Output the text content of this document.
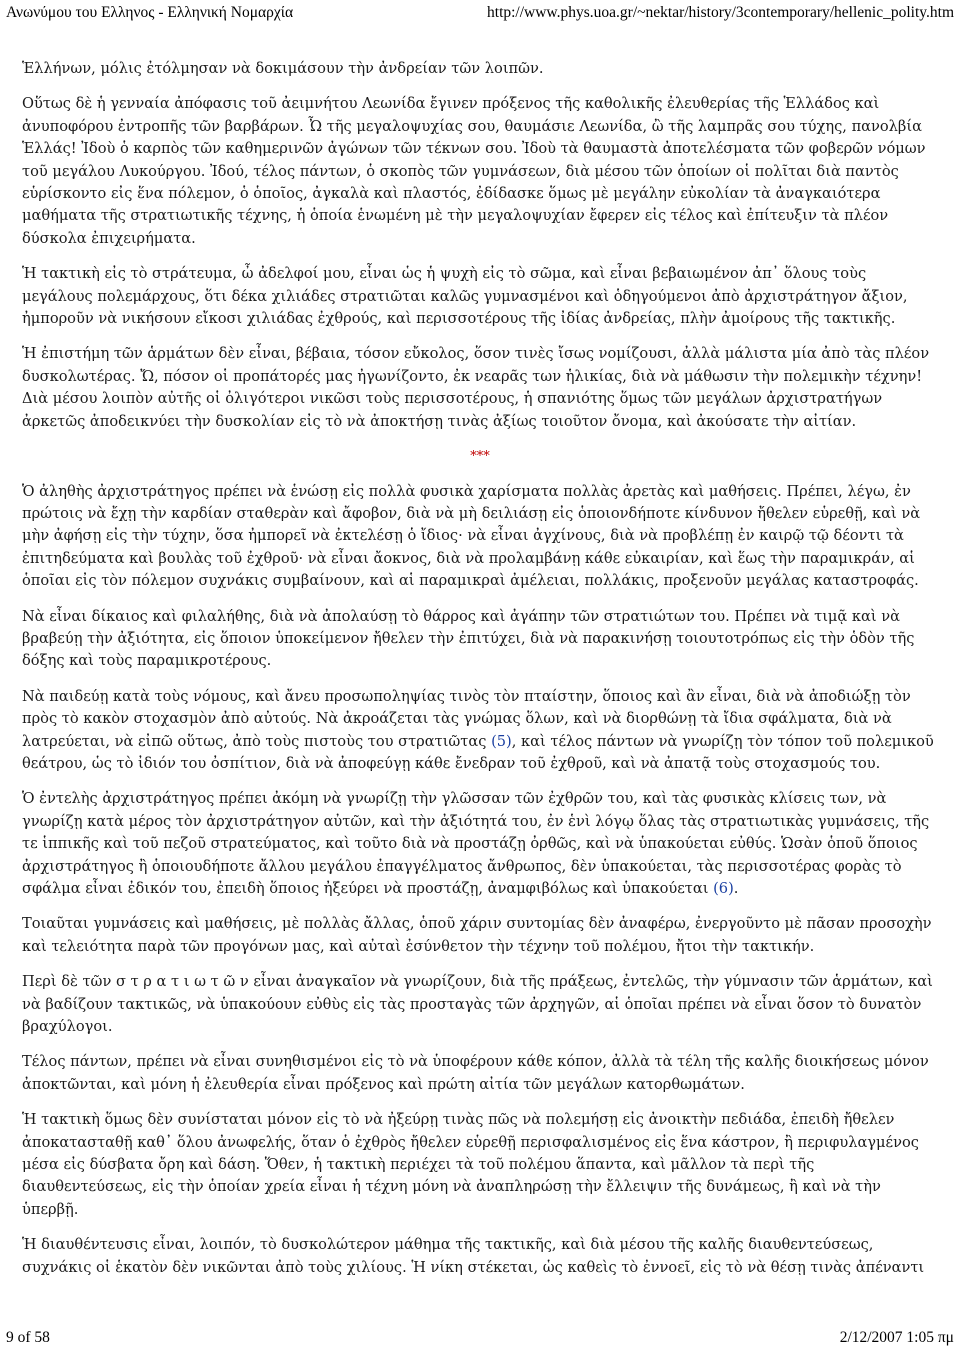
Ανωνύμου του Ελληνος - Ελληνική Νομαρχία	http://www.phys.uoa.gr/~nektar/history/3contemporary/hellenic_polity.htm

Ἑλλήνων, μόλις ἐτόλμησαν νὰ δοκιμάσουν τὴν ἀνδρείαν τῶν λοιπῶν.

Οὕτως δὲ ἡ γενναία ἀπόφασις τοῦ ἀειμνήτου Λεωνίδα ἔγινεν πρόξενος τῆς καθολικῆς ἐλευθερίας τῆς Ἑλλάδος καὶ ἀνυποφόρου ἐντροπῆς τῶν βαρβάρων. Ὦ τῆς μεγαλοψυχίας σου, θαυμάσιε Λεωνίδα, ὢ τῆς λαμπρᾶς σου τύχης, πανολβία Ἑλλάς! Ἰδοὺ ὁ καρπὸς τῶν καθημερινῶν ἀγώνων τῶν τέκνων σου. Ἰδοὺ τὰ θαυμαστὰ ἀποτελέσματα τῶν φοβερῶν νόμων τοῦ μεγάλου Λυκούργου. Ἰδού, τέλος πάντων, ὁ σκοπὸς τῶν γυμνάσεων, διὰ μέσου τῶν ὁποίων οἱ πολῖται διὰ παντὸς εὑρίσκοντο εἰς ἕνα πόλεμον, ὁ ὁποῖος, ἀγκαλὰ καὶ πλαστός, ἐδίδασκε ὅμως μὲ μεγάλην εὐκολίαν τὰ ἀναγκαιότερα μαθήματα τῆς στρατιωτικῆς τέχνης, ἡ ὁποία ἑνωμένη μὲ τὴν μεγαλοψυχίαν ἔφερεν εἰς τέλος καὶ ἐπίτευξιν τὰ πλέον δύσκολα ἐπιχειρήματα.

Ἡ τακτικὴ εἰς τὸ στράτευμα, ὦ ἀδελφοί μου, εἶναι ὡς ἡ ψυχὴ εἰς τὸ σῶμα, καὶ εἶναι βεβαιωμένον ἀπ᾽ ὅλους τοὺς μεγάλους πολεμάρχους, ὅτι δέκα χιλιάδες στρατιῶται καλῶς γυμνασμένοι καὶ ὁδηγούμενοι ἀπὸ ἀρχιστράτηγον ἄξιον, ἠμποροῦν νὰ νικήσουν εἴκοσι χιλιάδας ἐχθρούς, καὶ περισσοτέρους τῆς ἰδίας ἀνδρείας, πλὴν ἀμοίρους τῆς τακτικῆς.

Ἡ ἐπιστήμη τῶν ἁρμάτων δὲν εἶναι, βέβαια, τόσον εὔκολος, ὅσον τινὲς ἴσως νομίζουσι, ἀλλὰ μάλιστα μία ἀπὸ τὰς πλέον δυσκολωτέρας. Ὤ, πόσον οἱ προπάτορές μας ἠγωνίζοντο, ἐκ νεαρᾶς των ἡλικίας, διὰ νὰ μάθωσιν τὴν πολεμικὴν τέχνην! Διὰ μέσου λοιπὸν αὐτῆς οἱ ὀλιγότεροι νικῶσι τοὺς περισσοτέρους, ἡ σπανιότης ὅμως τῶν μεγάλων ἀρχιστρατήγων ἀρκετῶς ἀποδεικνύει τὴν δυσκολίαν εἰς τὸ νὰ ἀποκτήσῃ τινὰς ἀξίως τοιοῦτον ὄνομα, καὶ ἀκούσατε τὴν αἰτίαν.

***

Ὁ ἀληθὴς ἀρχιστράτηγος πρέπει νὰ ἑνώσῃ εἰς πολλὰ φυσικὰ χαρίσματα πολλὰς ἀρετὰς καὶ μαθήσεις. Πρέπει, λέγω, ἐν πρώτοις νὰ ἔχῃ τὴν καρδίαν σταθερὰν καὶ ἄφοβον, διὰ νὰ μὴ δειλιάσῃ εἰς ὁποιονδήποτε κίνδυνον ἤθελεν εὑρεθῇ, καὶ νὰ μὴν ἀφήσῃ εἰς τὴν τύχην, ὅσα ἠμπορεῖ νὰ ἐκτελέσῃ ὁ ἴδιος· νὰ εἶναι ἀγχίνους, διὰ νὰ προβλέπῃ ἐν καιρῷ τῷ δέοντι τὰ ἐπιτηδεύματα καὶ βουλὰς τοῦ ἐχθροῦ· νὰ εἶναι ἄοκνος, διὰ νὰ προλαμβάνῃ κάθε εὐκαιρίαν, καὶ ἕως τὴν παραμικράν, αἱ ὁποῖαι εἰς τὸν πόλεμον συχνάκις συμβαίνουν, καὶ αἱ παραμικραὶ ἀμέλειαι, πολλάκις, προξενοῦν μεγάλας καταστροφάς.

Νὰ εἶναι δίκαιος καὶ φιλαλήθης, διὰ νὰ ἀπολαύσῃ τὸ θάρρος καὶ ἀγάπην τῶν στρατιώτων του. Πρέπει νὰ τιμᾷ καὶ νὰ βραβεύῃ τὴν ἀξιότητα, εἰς ὅποιον ὑποκείμενον ἤθελεν τὴν ἐπιτύχει, διὰ νὰ παρακινήσῃ τοιουτοτρόπως εἰς τὴν ὁδὸν τῆς δόξης καὶ τοὺς παραμικροτέρους.

Νὰ παιδεύῃ κατὰ τοὺς νόμους, καὶ ἄνευ προσωποληψίας τινὸς τὸν πταίστην, ὅποιος καὶ ἂν εἶναι, διὰ νὰ ἀποδιώξῃ τὸν πρὸς τὸ κακὸν στοχασμὸν ἀπὸ αὐτούς. Νὰ ἀκροάζεται τὰς γνώμας ὅλων, καὶ νὰ διορθώνῃ τὰ ἴδια σφάλματα, διὰ νὰ λατρεύεται, νὰ εἰπῶ οὕτως, ἀπὸ τοὺς πιστοὺς του στρατιῶτας (5), καὶ τέλος πάντων νὰ γνωρίζῃ τὸν τόπον τοῦ πολεμικοῦ θεάτρου, ὡς τὸ ἰδιόν του ὀσπίτιον, διὰ νὰ ἀποφεύγῃ κάθε ἔνεδραν τοῦ ἐχθροῦ, καὶ νὰ ἀπατᾷ τοὺς στοχασμούς του.

Ὁ ἐντελὴς ἀρχιστράτηγος πρέπει ἀκόμη νὰ γνωρίζῃ τὴν γλῶσσαν τῶν ἐχθρῶν του, καὶ τὰς φυσικὰς κλίσεις των, νὰ γνωρίζῃ κατὰ μέρος τὸν ἀρχιστράτηγον αὐτῶν, καὶ τὴν ἀξιότητά του, ἐν ἑνὶ λόγῳ ὅλας τὰς στρατιωτικὰς γυμνάσεις, τῆς τε ἱππικῆς καὶ τοῦ πεζοῦ στρατεύματος, καὶ τοῦτο διὰ νὰ προστάζῃ ὀρθῶς, καὶ νὰ ὑπακούεται εὐθύς. Ὡσὰν ὁποῦ ὅποιος ἀρχιστράτηγος ἢ ὁποιουδήποτε ἄλλου μεγάλου ἐπαγγέλματος ἄνθρωπος, δὲν ὑπακούεται, τὰς περισσοτέρας φορὰς τὸ σφάλμα εἶναι ἐδικόν του, ἐπειδὴ ὅποιος ἠξεύρει νὰ προστάζῃ, ἀναμφιβόλως καὶ ὑπακούεται (6).

Τοιαῦται γυμνάσεις καὶ μαθήσεις, μὲ πολλὰς ἄλλας, ὁποῦ χάριν συντομίας δὲν ἀναφέρω, ἐνεργοῦντο μὲ πᾶσαν προσοχὴν καὶ τελειότητα παρὰ τῶν προγόνων μας, καὶ αὐταὶ ἐσύνθετον τὴν τέχνην τοῦ πολέμου, ἤτοι τὴν τακτικήν.

Περὶ δὲ τῶν σ τ ρ α τ ι ω τ ῶ ν εἶναι ἀναγκαῖον νὰ γνωρίζουν, διὰ τῆς πράξεως, ἐντελῶς, τὴν γύμνασιν τῶν ἁρμάτων, καὶ νὰ βαδίζουν τακτικῶς, νὰ ὑπακούουν εὐθὺς εἰς τὰς προσταγὰς τῶν ἀρχηγῶν, αἱ ὁποῖαι πρέπει νὰ εἶναι ὅσον τὸ δυνατὸν βραχύλογοι.

Τέλος πάντων, πρέπει νὰ εἶναι συνηθισμένοι εἰς τὸ νὰ ὑποφέρουν κάθε κόπον, ἀλλὰ τὰ τέλη τῆς καλῆς διοικήσεως μόνον ἀποκτῶνται, καὶ μόνη ἡ ἐλευθερία εἶναι πρόξενος καὶ πρώτη αἰτία τῶν μεγάλων κατορθωμάτων.

Ἡ τακτικὴ ὅμως δὲν συνίσταται μόνον εἰς τὸ νὰ ἠξεύρῃ τινὰς πῶς νὰ πολεμήσῃ εἰς ἀνοικτὴν πεδιάδα, ἐπειδὴ ἤθελεν ἀποκατασταθῇ καθ᾽ ὅλου ἀνωφελής, ὅταν ὁ ἐχθρὸς ἤθελεν εὑρεθῇ περισφαλισμένος εἰς ἕνα κάστρον, ἢ περιφυλαγμένος μέσα εἰς δύσβατα ὄρη καὶ δάση. Ὅθεν, ἡ τακτικὴ περιέχει τὰ τοῦ πολέμου ἅπαντα, καὶ μᾶλλον τὰ περὶ τῆς διαυθεντεύσεως, εἰς τὴν ὁποίαν χρεία εἶναι ἡ τέχνη μόνη νὰ ἀναπληρώσῃ τὴν ἔλλειψιν τῆς δυνάμεως, ἢ καὶ νὰ τὴν ὑπερβῇ.

Ἡ διαυθέντευσις εἶναι, λοιπόν, τὸ δυσκολώτερον μάθημα τῆς τακτικῆς, καὶ διὰ μέσου τῆς καλῆς διαυθεντεύσεως, συχνάκις οἱ ἑκατὸν δὲν νικῶνται ἀπὸ τοὺς χιλίους. Ἡ νίκη στέκεται, ὡς καθεὶς τὸ ἐννοεῖ, εἰς τὸ νὰ θέσῃ τινὰς ἀπέναντι

9 of 58	2/12/2007 1:05 πμ
